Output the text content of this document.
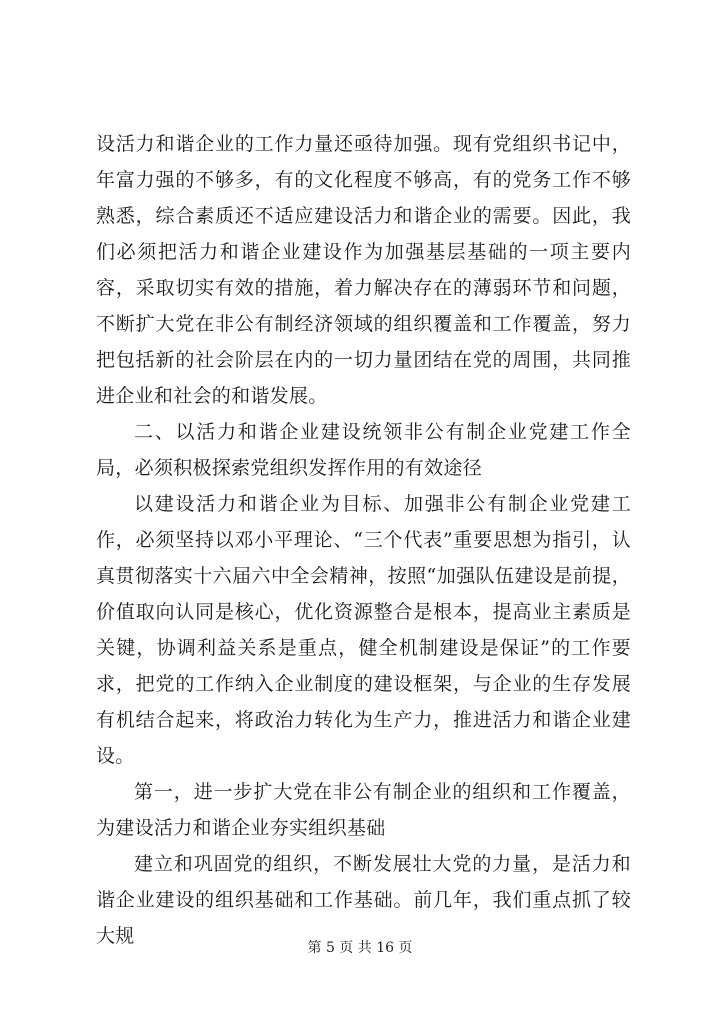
设活力和谐企业的工作力量还亟待加强。现有党组织书记中，年富力强的不够多，有的文化程度不够高，有的党务工作不够熟悉，综合素质还不适应建设活力和谐企业的需要。因此，我们必须把活力和谐企业建设作为加强基层基础的一项主要内容，采取切实有效的措施，着力解决存在的薄弱环节和问题，不断扩大党在非公有制经济领域的组织覆盖和工作覆盖，努力把包括新的社会阶层在内的一切力量团结在党的周围，共同推进企业和社会的和谐发展。

二、以活力和谐企业建设统领非公有制企业党建工作全局，必须积极探索党组织发挥作用的有效途径

以建设活力和谐企业为目标、加强非公有制企业党建工作，必须坚持以邓小平理论、“三个代表”重要思想为指引，认真贯彻落实十六届六中全会精神，按照“加强队伍建设是前提，价值取向认同是核心，优化资源整合是根本，提高业主素质是关键，协调利益关系是重点，健全机制建设是保证”的工作要求，把党的工作纳入企业制度的建设框架，与企业的生存发展有机结合起来，将政治力转化为生产力，推进活力和谐企业建设。

第一，进一步扩大党在非公有制企业的组织和工作覆盖，为建设活力和谐企业夯实组织基础

建立和巩固党的组织，不断发展壮大党的力量，是活力和谐企业建设的组织基础和工作基础。前几年，我们重点抓了较大规

第 5 页 共 16 页
